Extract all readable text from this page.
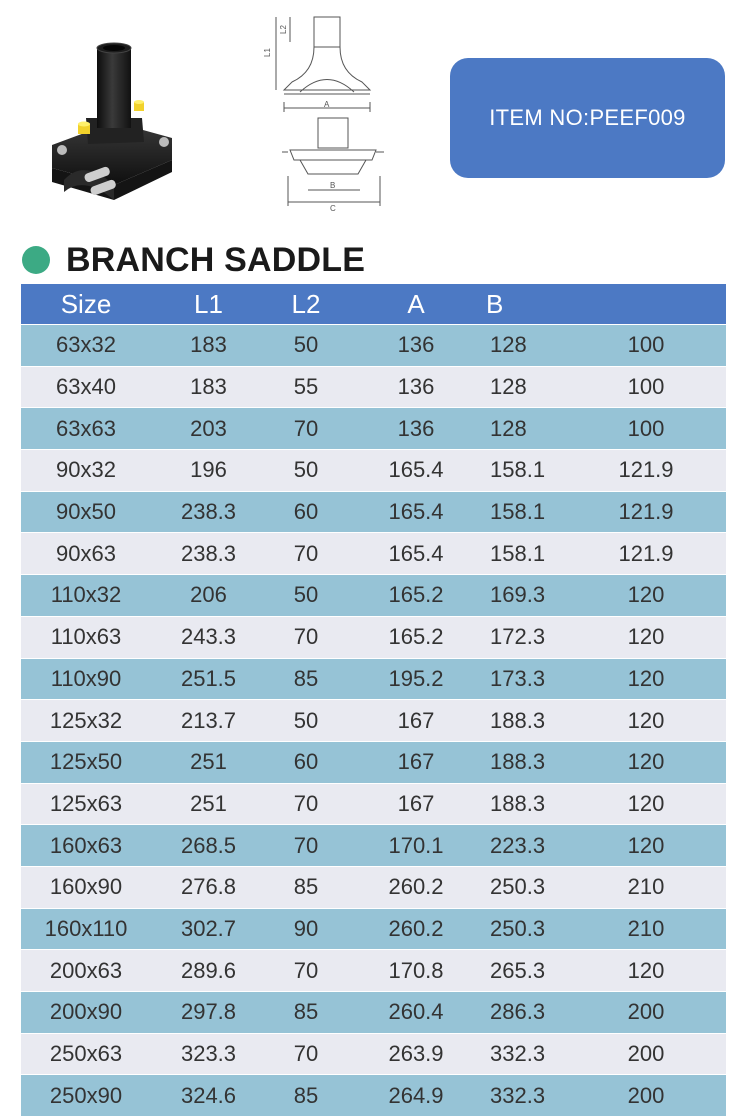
L1
L2
A
B
C
ITEM NO:PEEF009
BRANCH SADDLE
Size	L1	L2	A	B	
63x32	183	50	136	128	100
63x40	183	55	136	128	100
63x63	203	70	136	128	100
90x32	196	50	165.4	158.1	121.9
90x50	238.3	60	165.4	158.1	121.9
90x63	238.3	70	165.4	158.1	121.9
110x32	206	50	165.2	169.3	120
110x63	243.3	70	165.2	172.3	120
110x90	251.5	85	195.2	173.3	120
125x32	213.7	50	167	188.3	120
125x50	251	60	167	188.3	120
125x63	251	70	167	188.3	120
160x63	268.5	70	170.1	223.3	120
160x90	276.8	85	260.2	250.3	210
160x110	302.7	90	260.2	250.3	210
200x63	289.6	70	170.8	265.3	120
200x90	297.8	85	260.4	286.3	200
250x63	323.3	70	263.9	332.3	200
250x90	324.6	85	264.9	332.3	200
